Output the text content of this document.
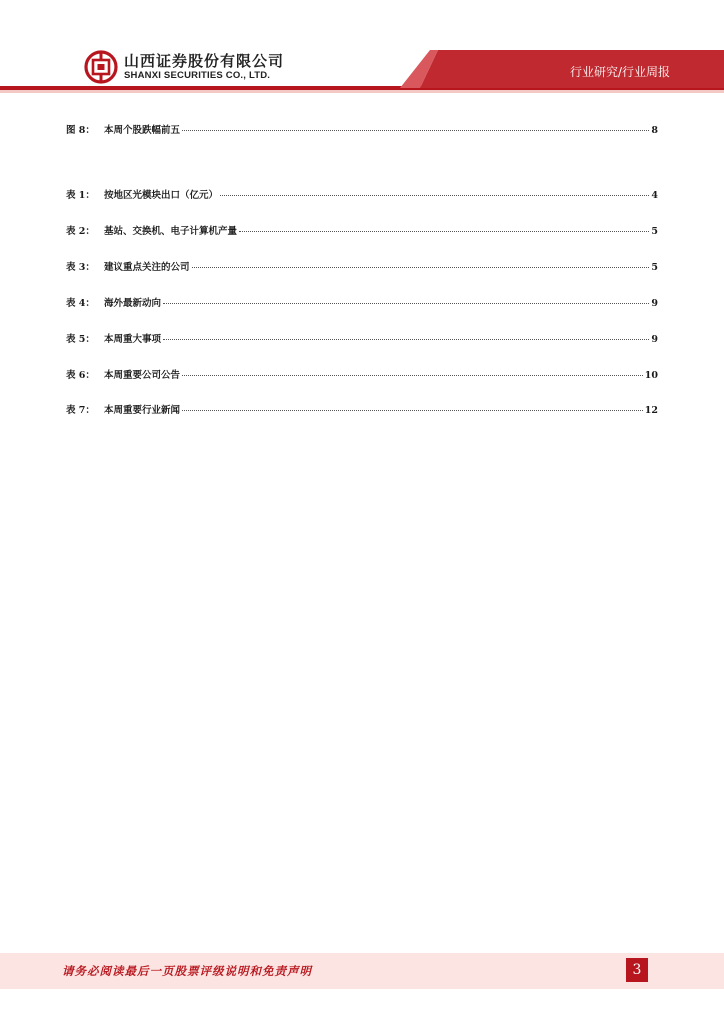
山西证券股份有限公司
SHANXI SECURITIES CO., LTD.	行业研究/行业周报
图 8： 本周个股跌幅前五	8
表 1： 按地区光模块出口（亿元）	4
表 2： 基站、交换机、电子计算机产量	5
表 3： 建议重点关注的公司	5
表 4： 海外最新动向	9
表 5： 本周重大事项	9
表 6： 本周重要公司公告	10
表 7： 本周重要行业新闻	12
请务必阅读最后一页股票评级说明和免责声明	3
